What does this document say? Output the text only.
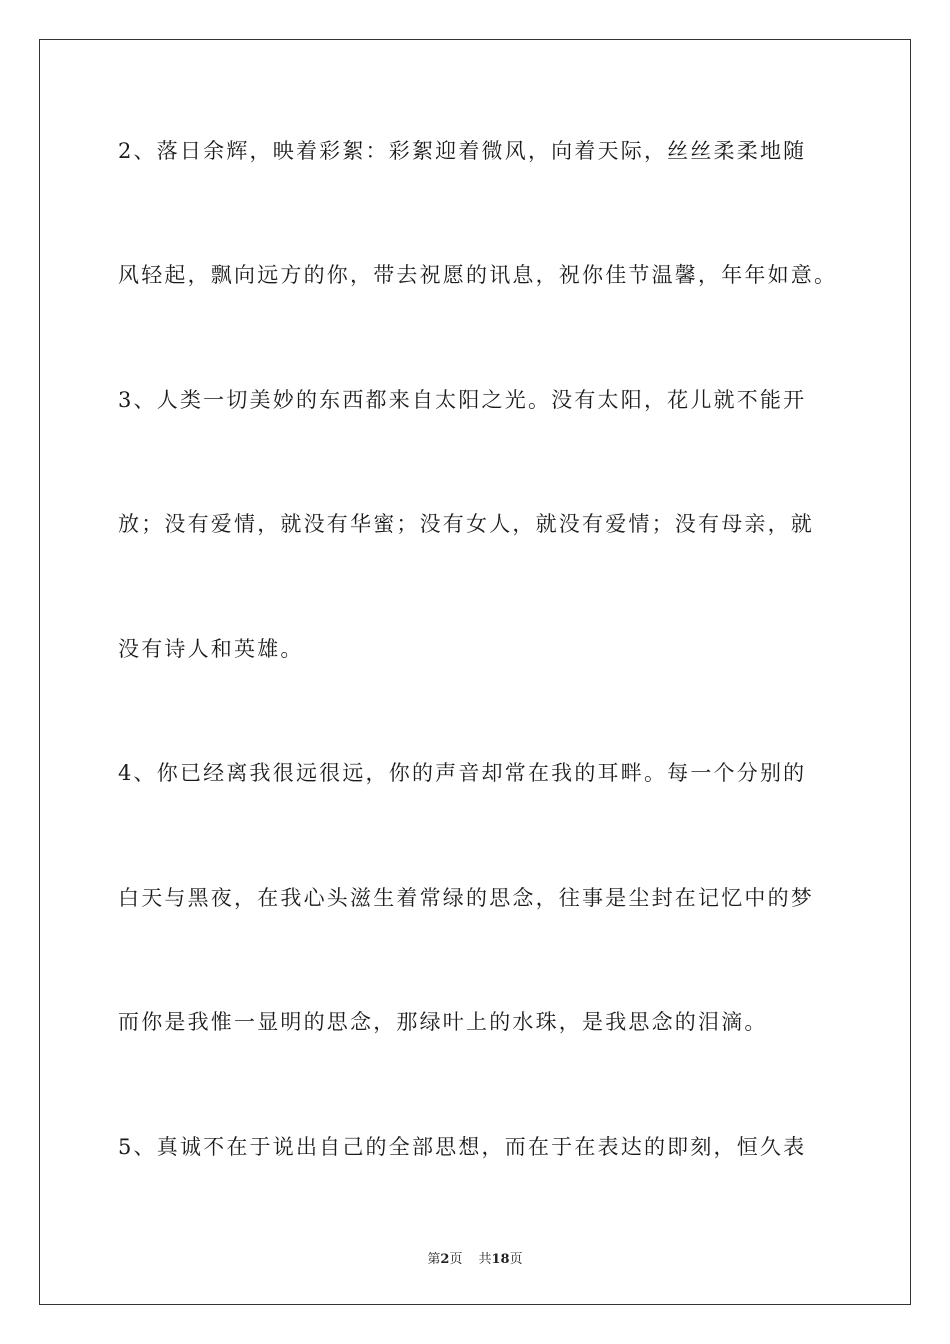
2、落日余辉，映着彩絮：彩絮迎着微风，向着天际，丝丝柔柔地随
风轻起，飘向远方的你，带去祝愿的讯息，祝你佳节温馨，年年如意。
3、人类一切美妙的东西都来自太阳之光。没有太阳，花儿就不能开
放；没有爱情，就没有华蜜；没有女人，就没有爱情；没有母亲，就
没有诗人和英雄。
4、你已经离我很远很远，你的声音却常在我的耳畔。每一个分别的
白天与黑夜，在我心头滋生着常绿的思念，往事是尘封在记忆中的梦
而你是我惟一显明的思念，那绿叶上的水珠，是我思念的泪滴。
5、真诚不在于说出自己的全部思想，而在于在表达的即刻，恒久表
第2页 共18页
